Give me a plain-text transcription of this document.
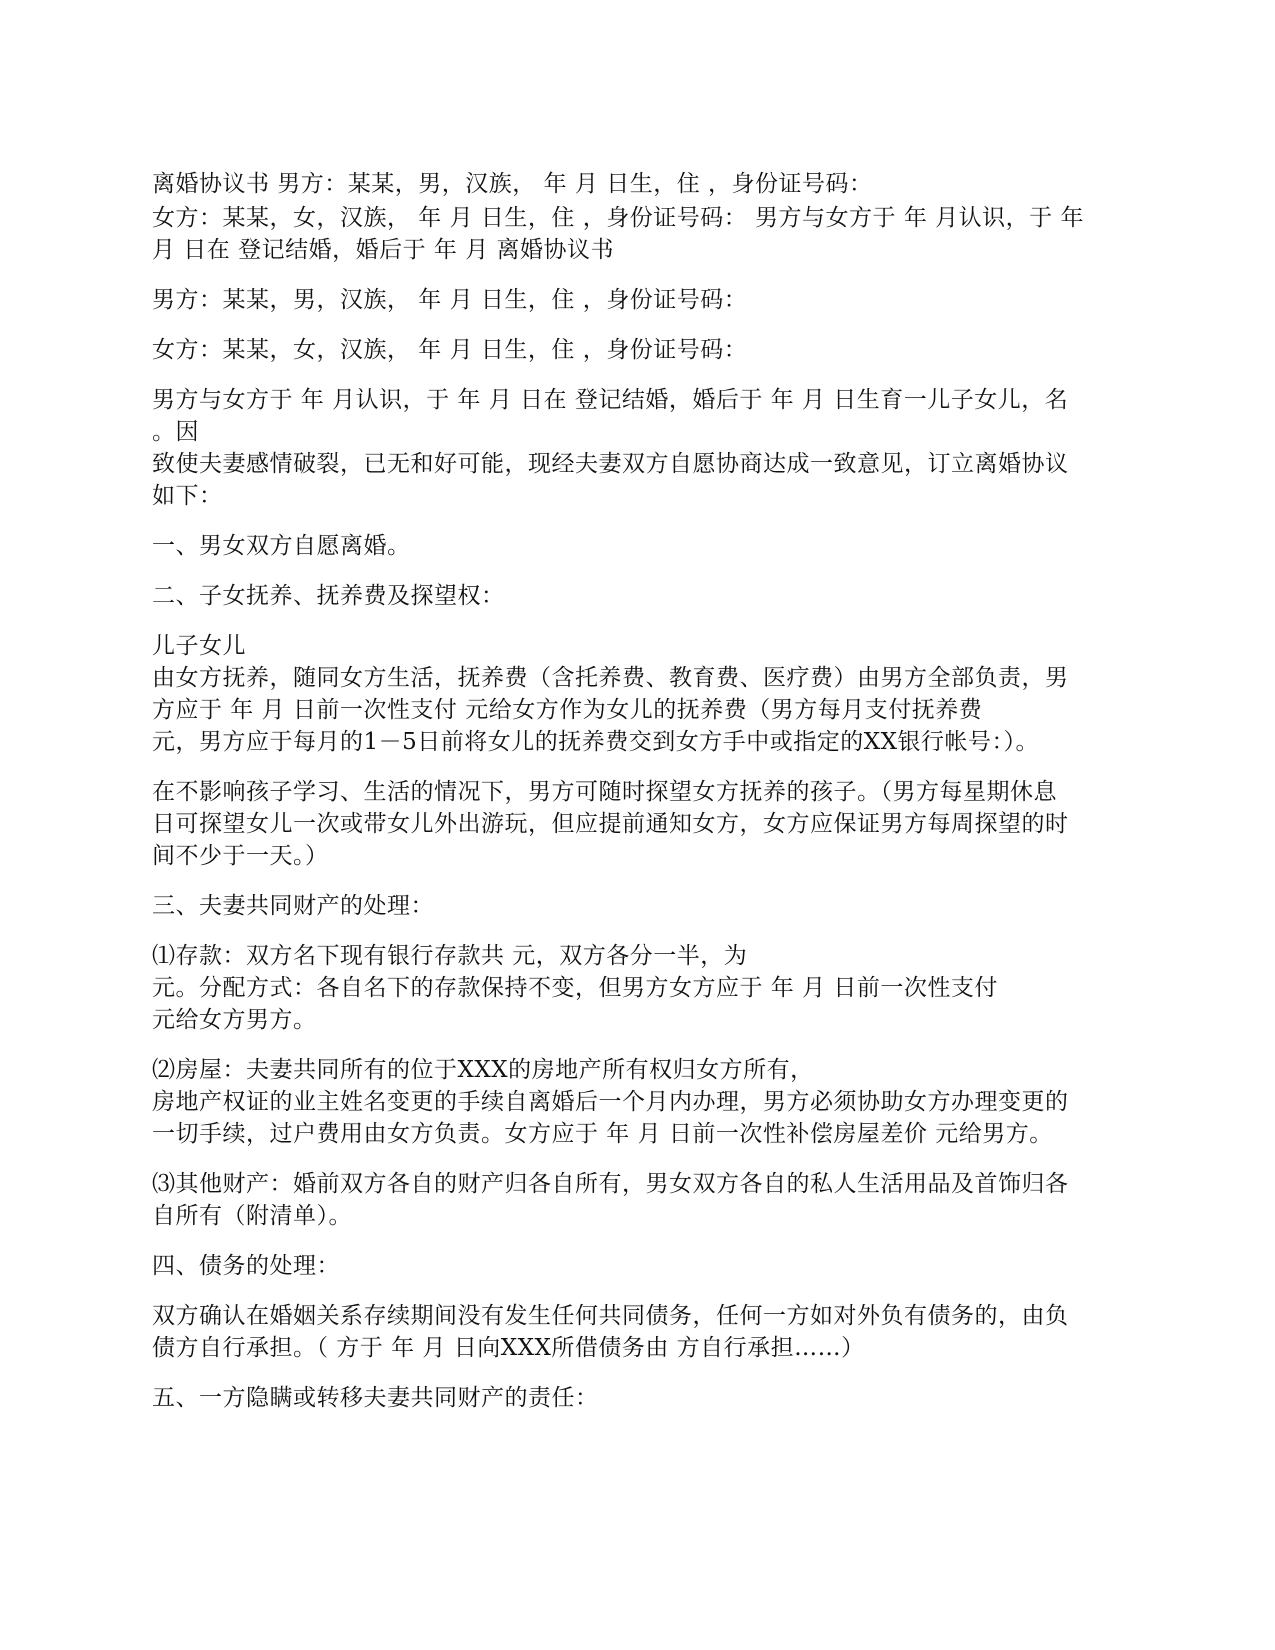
离婚协议书 男方：某某，男，汉族， 年 月 日生，住 ，身份证号码：
女方：某某，女，汉族， 年 月 日生，住 ，身份证号码： 男方与女方于 年 月认识，于 年
月 日在 登记结婚，婚后于 年 月 离婚协议书
男方：某某，男，汉族， 年 月 日生，住 ，身份证号码：
女方：某某，女，汉族， 年 月 日生，住 ，身份证号码：
男方与女方于 年 月认识，于 年 月 日在 登记结婚，婚后于 年 月 日生育一儿子女儿，名
。因
致使夫妻感情破裂，已无和好可能，现经夫妻双方自愿协商达成一致意见，订立离婚协议
如下：
一、男女双方自愿离婚。
二、子女抚养、抚养费及探望权：
儿子女儿
由女方抚养，随同女方生活，抚养费（含托养费、教育费、医疗费）由男方全部负责，男
方应于 年 月 日前一次性支付 元给女方作为女儿的抚养费（男方每月支付抚养费
元，男方应于每月的1－5日前将女儿的抚养费交到女方手中或指定的XX银行帐号：）。
在不影响孩子学习、生活的情况下，男方可随时探望女方抚养的孩子。（男方每星期休息
日可探望女儿一次或带女儿外出游玩，但应提前通知女方，女方应保证男方每周探望的时
间不少于一天。）
三、夫妻共同财产的处理：
⑴存款：双方名下现有银行存款共 元，双方各分一半，为
元。分配方式：各自名下的存款保持不变，但男方女方应于 年 月 日前一次性支付
元给女方男方。
⑵房屋：夫妻共同所有的位于XXX的房地产所有权归女方所有，
房地产权证的业主姓名变更的手续自离婚后一个月内办理，男方必须协助女方办理变更的
一切手续，过户费用由女方负责。女方应于 年 月 日前一次性补偿房屋差价 元给男方。
⑶其他财产：婚前双方各自的财产归各自所有，男女双方各自的私人生活用品及首饰归各
自所有（附清单）。
四、债务的处理：
双方确认在婚姻关系存续期间没有发生任何共同债务，任何一方如对外负有债务的，由负
债方自行承担。（ 方于 年 月 日向XXX所借债务由 方自行承担……）
五、一方隐瞒或转移夫妻共同财产的责任：
